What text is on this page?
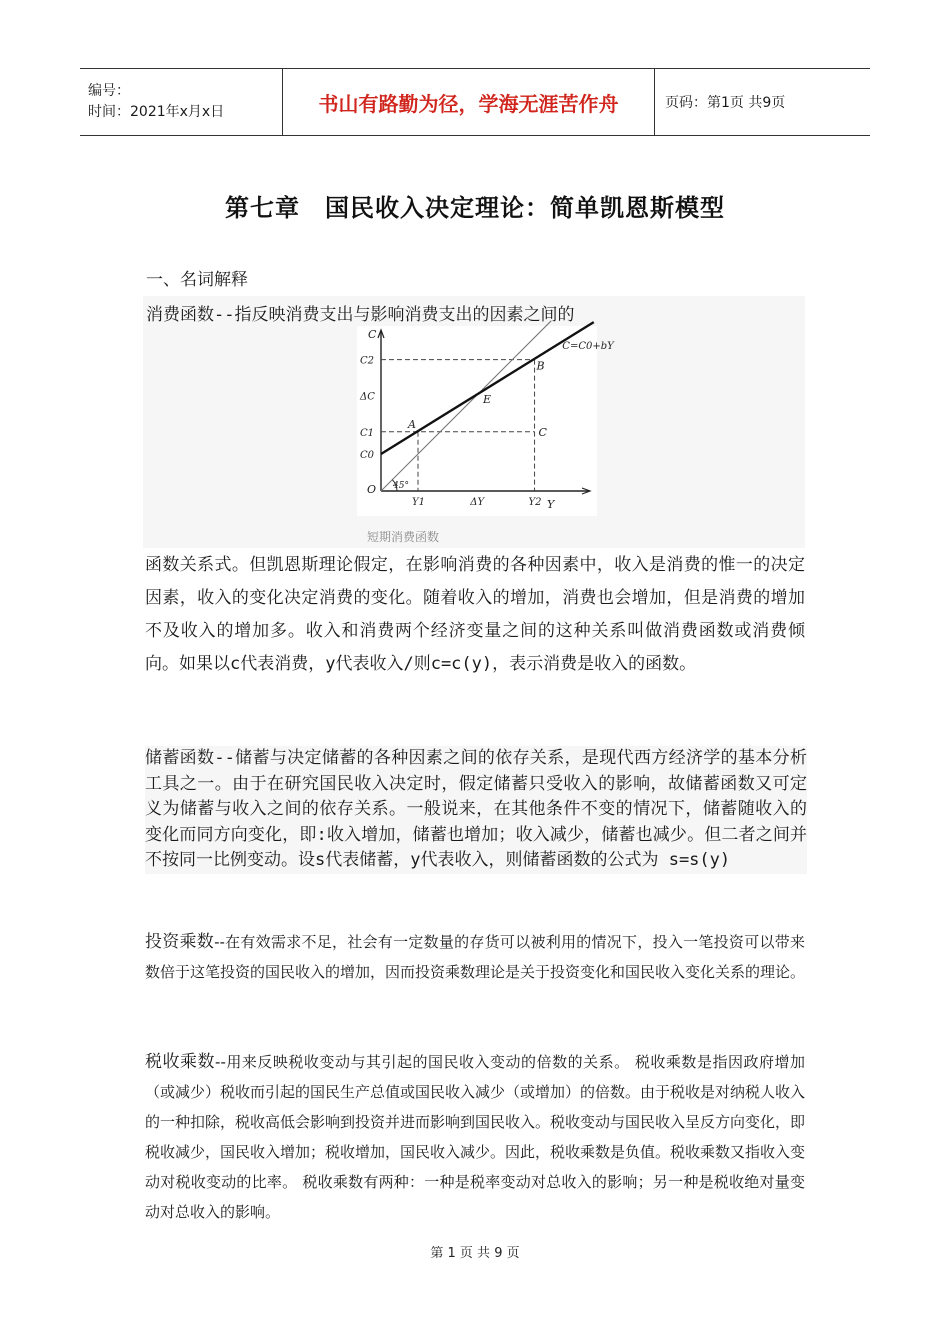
编号：
时间：2021年x月x日	书山有路勤为径，学海无涯苦作舟	页码：第1页 共9页
第七章　国民收入决定理论：简单凯恩斯模型
一、名词解释
消费函数--指反映消费支出与影响消费支出的因素之间的
C
Y
O
C=C0+bY
45°
C2
ΔC
C1
C0
Y1	ΔY	Y2
A
E
B
C
短期消费函数

函数关系式。但凯恩斯理论假定，在影响消费的各种因素中，收入是消费的惟一的决定因素，收入的变化决定消费的变化。随着收入的增加，消费也会增加，但是消费的增加不及收入的增加多。收入和消费两个经济变量之间的这种关系叫做消费函数或消费倾向。如果以c代表消费，y代表收入/则c=c(y)，表示消费是收入的函数。

储蓄函数--储蓄与决定储蓄的各种因素之间的依存关系，是现代西方经济学的基本分析工具之一。由于在研究国民收入决定时，假定储蓄只受收入的影响，故储蓄函数又可定义为储蓄与收入之间的依存关系。一般说来，在其他条件不变的情况下，储蓄随收入的变化而同方向变化，即:收入增加，储蓄也增加；收入减少，储蓄也减少。但二者之间并不按同一比例变动。设s代表储蓄，y代表收入，则储蓄函数的公式为 s=s(y)

投资乘数--在有效需求不足，社会有一定数量的存货可以被利用的情况下，投入一笔投资可以带来数倍于这笔投资的国民收入的增加，因而投资乘数理论是关于投资变化和国民收入变化关系的理论。

税收乘数--用来反映税收变动与其引起的国民收入变动的倍数的关系。 税收乘数是指因政府增加（或减少）税收而引起的国民生产总值或国民收入减少（或增加）的倍数。由于税收是对纳税人收入的一种扣除，税收高低会影响到投资并进而影响到国民收入。税收变动与国民收入呈反方向变化，即税收减少，国民收入增加；税收增加，国民收入减少。因此，税收乘数是负值。税收乘数又指收入变动对税收变动的比率。 税收乘数有两种：一种是税率变动对总收入的影响；另一种是税收绝对量变动对总收入的影响。

第 1 页 共 9 页
